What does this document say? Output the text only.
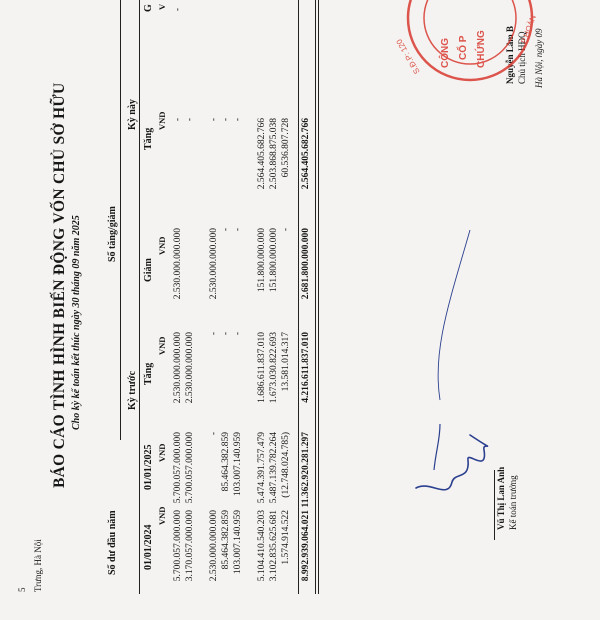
5 Trưng, Hà Nội
BÁO CÁO TÌNH HÌNH BIẾN ĐỘNG VỐN CHỦ SỞ HỮU Cho kỳ kế toán kết thúc ngày 30 tháng 09 năm 2025
Số dư đầu năm
Số tăng/giảm
Kỳ trước
Kỳ này
01/01/2024
01/01/2025
Tăng
Giảm
Tăng
G
VND
VND
VND
VND
VND
V
5.700.057.000.000
5.700.057.000.000
2.530.000.000.000
2.530.000.000.000
-
-
3.170.057.000.000
5.700.057.000.000
2.530.000.000.000
-
2.530.000.000.000
-
-
2.530.000.000.000
-
85.464.382.859
85.464.382.859
-
-
-
103.007.140.959
103.007.140.959
-
-
-
5.104.410.540.203
5.474.391.757.479
1.686.611.837.010
151.800.000.000
2.564.405.682.766
3.102.835.625.681
5.487.139.782.264
1.673.030.822.693
151.800.000.000
2.503.868.875.038
1.574.914.522
(12.748.024.785)
13.581.014.317
-
60.536.807.728
8.992.939.064.021
11.362.920.281.297
4.216.611.837.010
2.681.800.000.000
2.564.405.682.766
Vũ Thị Lan Anh Kế toán trưởng
Nguyễn Lâm B Chủ tịch HĐQ Hà Nội, ngày 09
CÔNG CỔ P CHỨNG
S.Đ.P: 120
P.HOÀN
